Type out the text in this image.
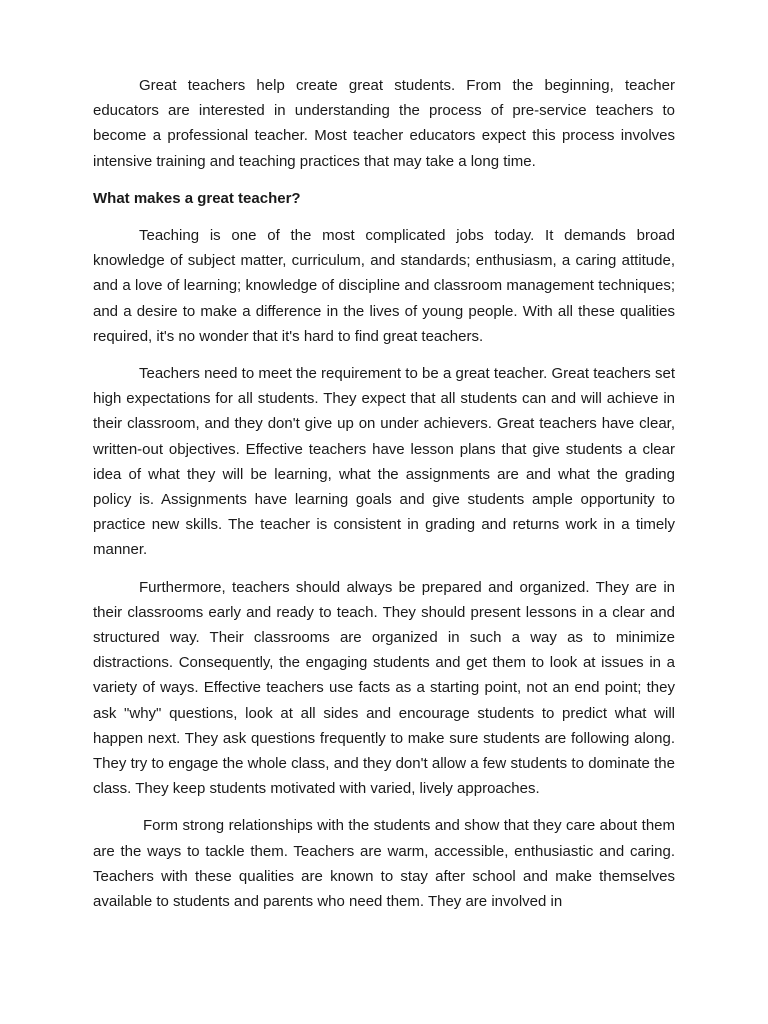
Great teachers help create great students. From the beginning, teacher educators are interested in understanding the process of pre-service teachers to become a professional teacher. Most teacher educators expect this process involves intensive training and teaching practices that may take a long time.

What makes a great teacher?

Teaching is one of the most complicated jobs today. It demands broad knowledge of subject matter, curriculum, and standards; enthusiasm, a caring attitude, and a love of learning; knowledge of discipline and classroom management techniques; and a desire to make a difference in the lives of young people. With all these qualities required, it's no wonder that it's hard to find great teachers.

Teachers need to meet the requirement to be a great teacher. Great teachers set high expectations for all students. They expect that all students can and will achieve in their classroom, and they don't give up on under achievers. Great teachers have clear, written-out objectives. Effective teachers have lesson plans that give students a clear idea of what they will be learning, what the assignments are and what the grading policy is. Assignments have learning goals and give students ample opportunity to practice new skills. The teacher is consistent in grading and returns work in a timely manner.

Furthermore, teachers should always be prepared and organized. They are in their classrooms early and ready to teach. They should present lessons in a clear and structured way. Their classrooms are organized in such a way as to minimize distractions. Consequently, the engaging students and get them to look at issues in a variety of ways. Effective teachers use facts as a starting point, not an end point; they ask "why" questions, look at all sides and encourage students to predict what will happen next. They ask questions frequently to make sure students are following along. They try to engage the whole class, and they don't allow a few students to dominate the class. They keep students motivated with varied, lively approaches.

Form strong relationships with the students and show that they care about them are the ways to tackle them. Teachers are warm, accessible, enthusiastic and caring. Teachers with these qualities are known to stay after school and make themselves available to students and parents who need them. They are involved in
